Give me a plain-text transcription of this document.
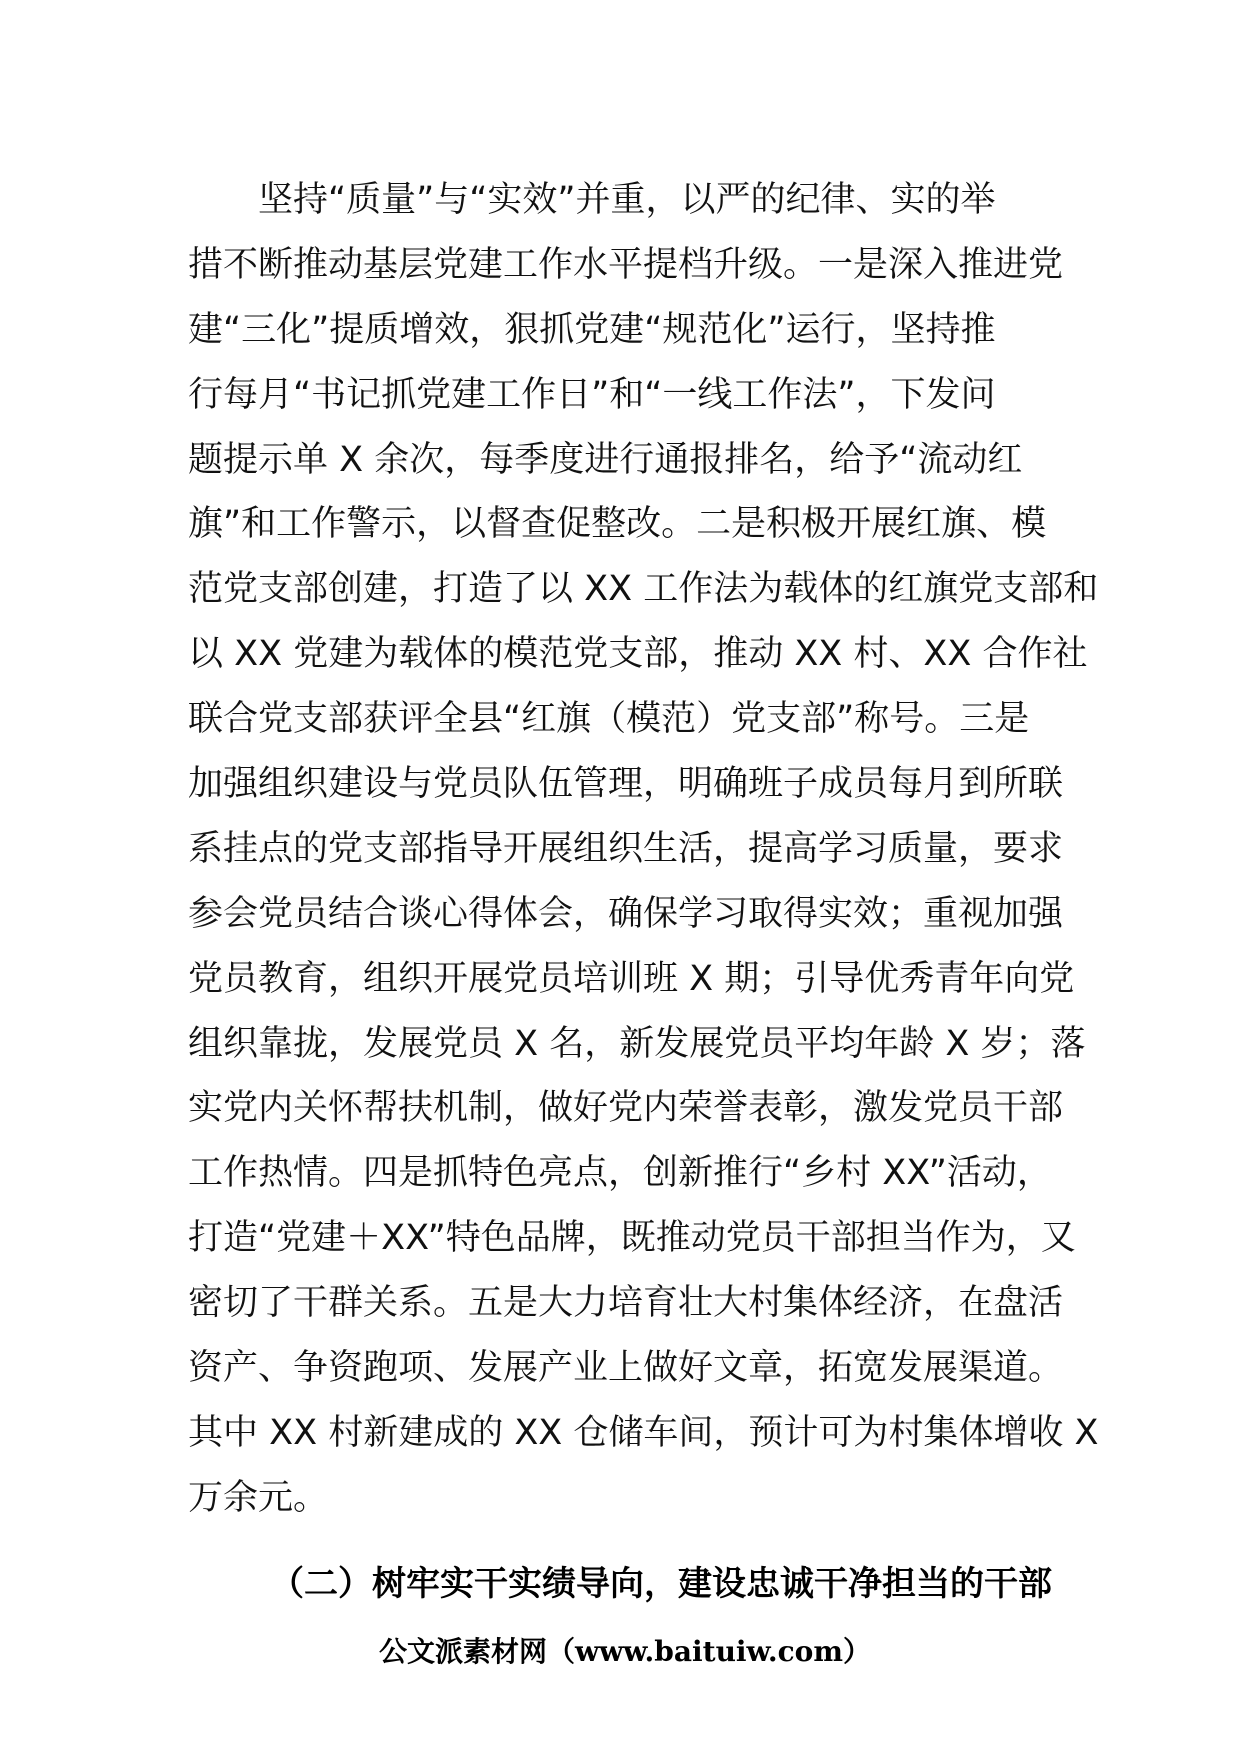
坚持“质量”与“实效”并重，以严的纪律、实的举
措不断推动基层党建工作水平提档升级。一是深入推进党
建“三化”提质增效，狠抓党建“规范化”运行，坚持推
行每月“书记抓党建工作日”和“一线工作法”，下发问
题提示单 X 余次，每季度进行通报排名，给予“流动红
旗”和工作警示，以督查促整改。二是积极开展红旗、模
范党支部创建，打造了以 XX 工作法为载体的红旗党支部和
以 XX 党建为载体的模范党支部，推动 XX 村、XX 合作社
联合党支部获评全县“红旗（模范）党支部”称号。三是
加强组织建设与党员队伍管理，明确班子成员每月到所联
系挂点的党支部指导开展组织生活，提高学习质量，要求
参会党员结合谈心得体会，确保学习取得实效；重视加强
党员教育，组织开展党员培训班 X 期；引导优秀青年向党
组织靠拢，发展党员 X 名，新发展党员平均年龄 X 岁；落
实党内关怀帮扶机制，做好党内荣誉表彰，激发党员干部
工作热情。四是抓特色亮点，创新推行“乡村 XX”活动，
打造“党建＋XX”特色品牌，既推动党员干部担当作为，又
密切了干群关系。五是大力培育壮大村集体经济，在盘活
资产、争资跑项、发展产业上做好文章，拓宽发展渠道。
其中 XX 村新建成的 XX 仓储车间，预计可为村集体增收 X
万余元。
（二）树牢实干实绩导向，建设忠诚干净担当的干部
公文派素材网（www.baituiw.com）
